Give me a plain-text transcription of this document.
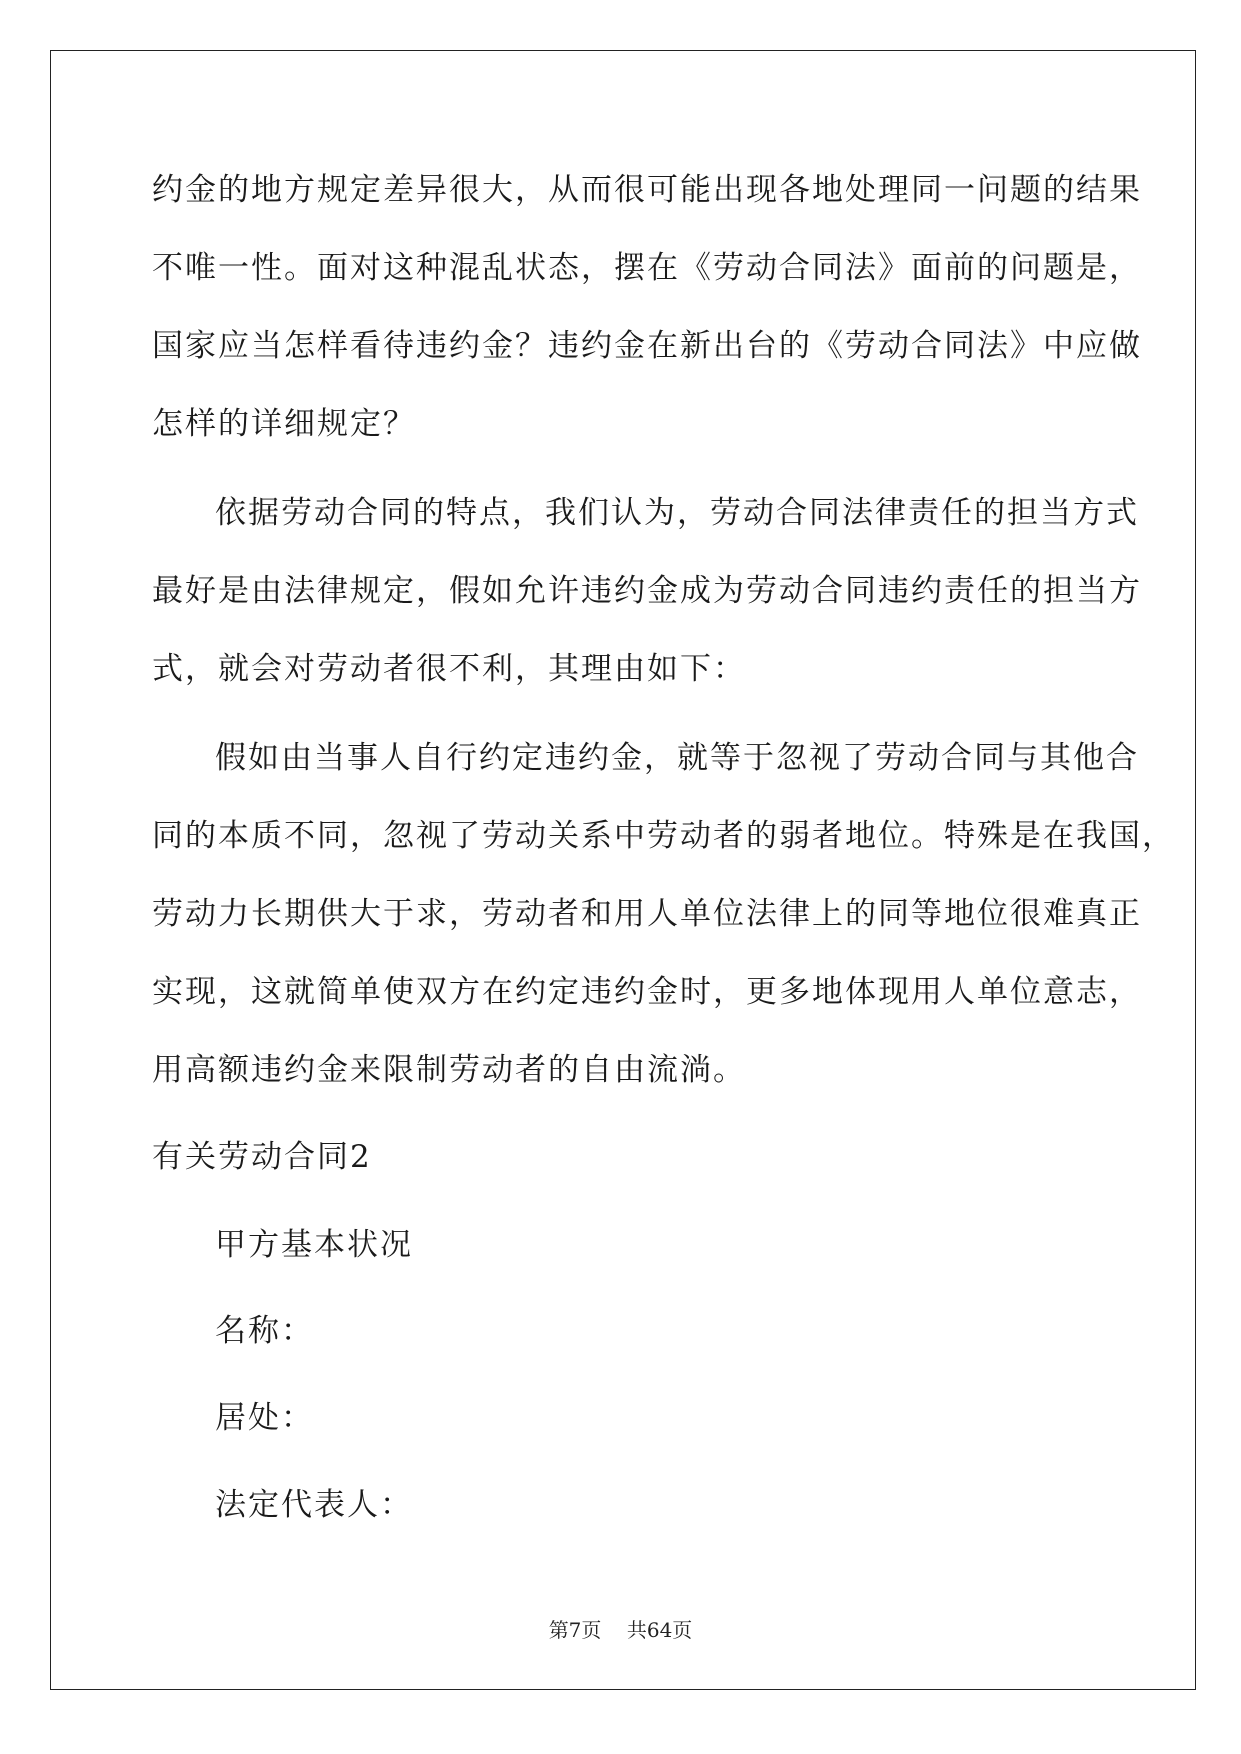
约金的地方规定差异很大，从而很可能出现各地处理同一问题的结果
不唯一性。面对这种混乱状态，摆在《劳动合同法》面前的问题是，
国家应当怎样看待违约金？违约金在新出台的《劳动合同法》中应做
怎样的详细规定？
依据劳动合同的特点，我们认为，劳动合同法律责任的担当方式
最好是由法律规定，假如允许违约金成为劳动合同违约责任的担当方
式，就会对劳动者很不利，其理由如下：
假如由当事人自行约定违约金，就等于忽视了劳动合同与其他合
同的本质不同，忽视了劳动关系中劳动者的弱者地位。特殊是在我国，
劳动力长期供大于求，劳动者和用人单位法律上的同等地位很难真正
实现，这就简单使双方在约定违约金时，更多地体现用人单位意志，
用高额违约金来限制劳动者的自由流淌。
有关劳动合同2
甲方基本状况
名称：
居处：
法定代表人：
第7页 共64页
